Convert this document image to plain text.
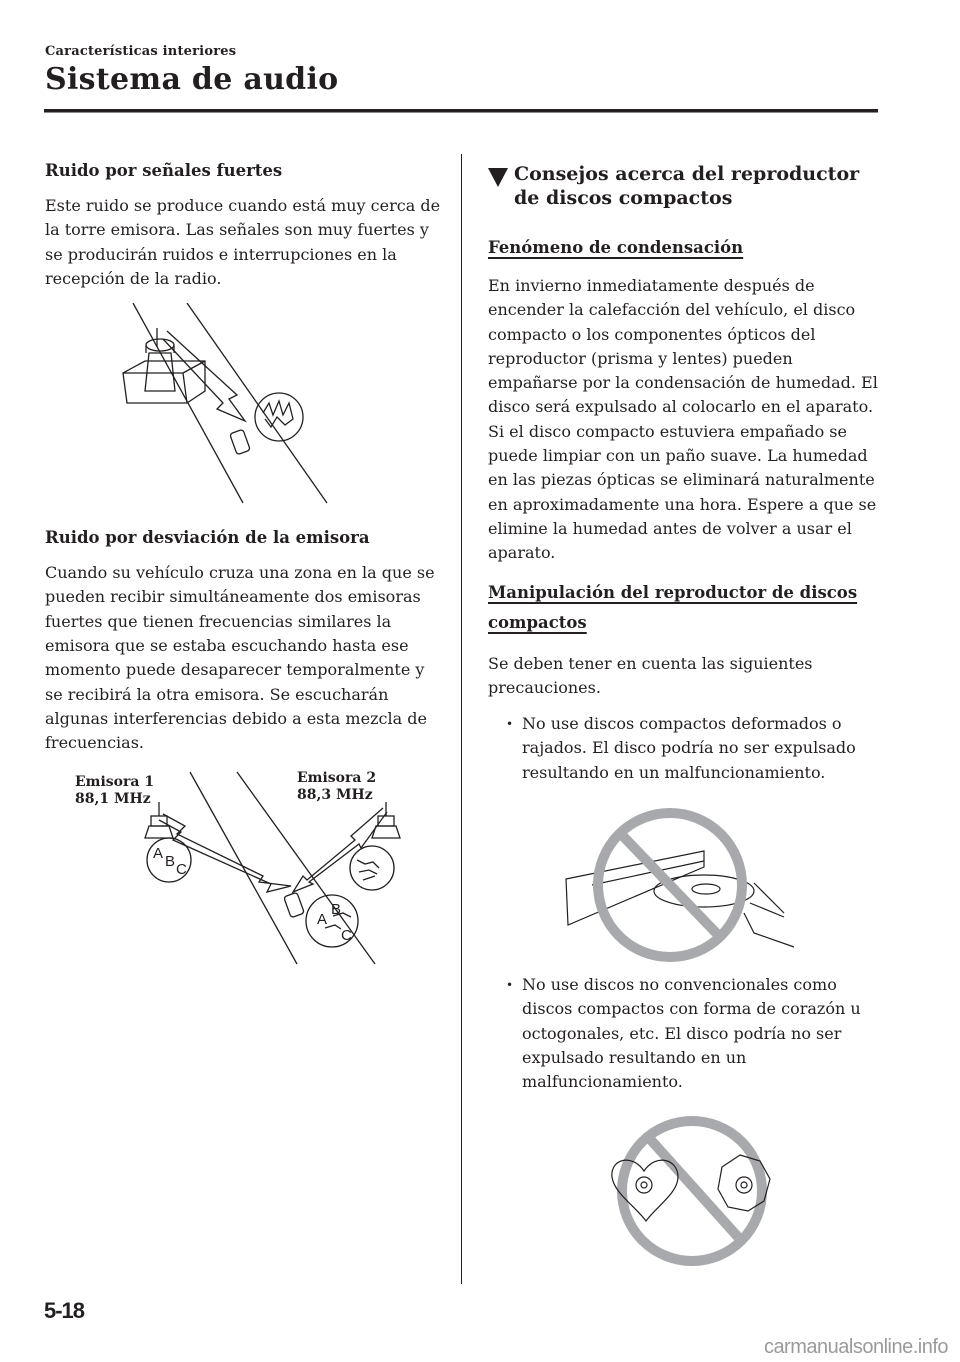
Características interiores
Sistema de audio
Ruido por señales fuertes

Este ruido se produce cuando está muy cerca de la torre emisora. Las señales son muy fuertes y se producirán ruidos e interrupciones en la recepción de la radio.

Ruido por desviación de la emisora

Cuando su vehículo cruza una zona en la que se pueden recibir simultáneamente dos emisoras fuertes que tienen frecuencias similares la emisora que se estaba escuchando hasta ese momento puede desaparecer temporalmente y se recibirá la otra emisora. Se escucharán algunas interferencias debido a esta mezcla de frecuencias.

Emisora 1
88,1 MHz
Emisora 2
88,3 MHz
A B C
A
B
C
Consejos acerca del reproductor de discos compactos
Fenómeno de condensación

En invierno inmediatamente después de encender la calefacción del vehículo, el disco compacto o los componentes ópticos del reproductor (prisma y lentes) pueden empañarse por la condensación de humedad. El disco será expulsado al colocarlo en el aparato. Si el disco compacto estuviera empañado se puede limpiar con un paño suave. La humedad en las piezas ópticas se eliminará naturalmente en aproximadamente una hora. Espere a que se elimine la humedad antes de volver a usar el aparato.

Manipulación del reproductor de discos compactos

Se deben tener en cuenta las siguientes precauciones.

• No use discos compactos deformados o rajados. El disco podría no ser expulsado resultando en un malfuncionamiento.
• No use discos no convencionales como discos compactos con forma de corazón u octogonales, etc. El disco podría no ser expulsado resultando en un malfuncionamiento.
5-18
carmanualsonline.info
